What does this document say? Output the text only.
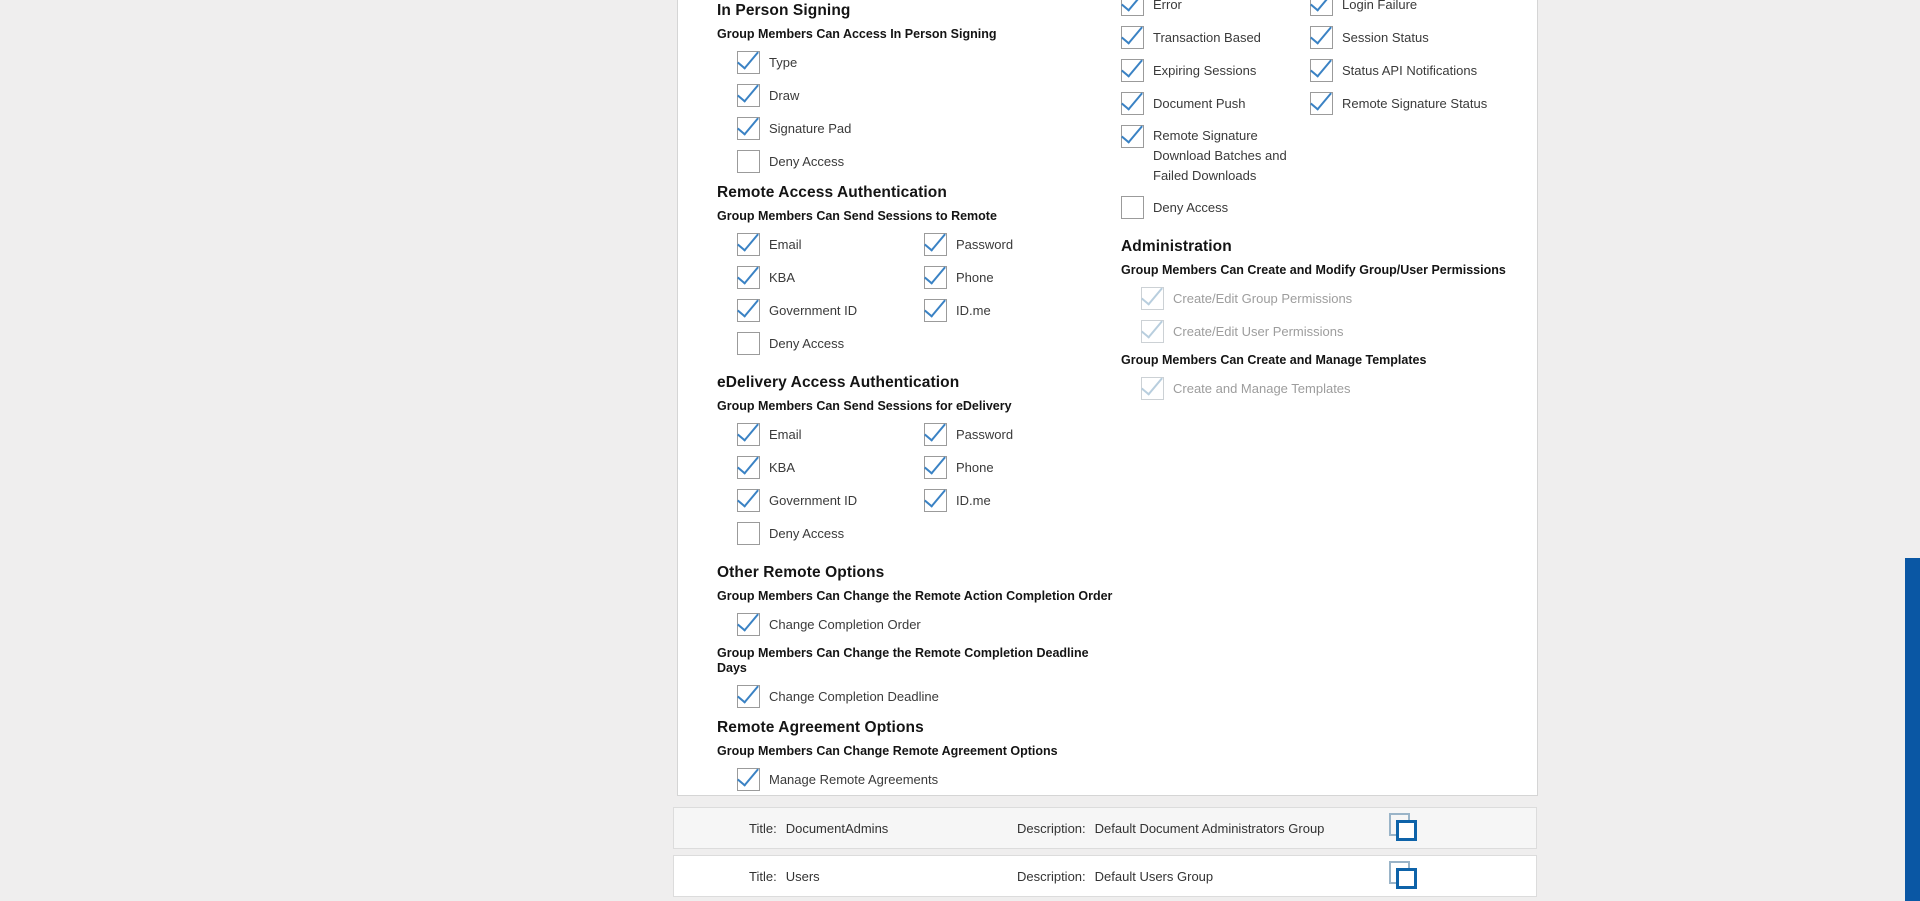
In Person Signing
Group Members Can Access In Person Signing
Type
Draw
Signature Pad
Deny Access
Remote Access Authentication
Group Members Can Send Sessions to Remote
Email	Password
KBA	Phone
Government ID	ID.me
Deny Access
eDelivery Access Authentication
Group Members Can Send Sessions for eDelivery
Email	Password
KBA	Phone
Government ID	ID.me
Deny Access
Other Remote Options
Group Members Can Change the Remote Action Completion Order
Change Completion Order
Group Members Can Change the Remote Completion Deadline Days
Change Completion Deadline
Remote Agreement Options
Group Members Can Change Remote Agreement Options
Manage Remote Agreements
Error	Login Failure
Transaction Based	Session Status
Expiring Sessions	Status API Notifications
Document Push	Remote Signature Status
Remote Signature Download Batches and Failed Downloads
Deny Access
Administration
Group Members Can Create and Modify Group/User Permissions
Create/Edit Group Permissions
Create/Edit User Permissions
Group Members Can Create and Manage Templates
Create and Manage Templates
Title: DocumentAdmins	Description: Default Document Administrators Group
Title: Users	Description: Default Users Group
